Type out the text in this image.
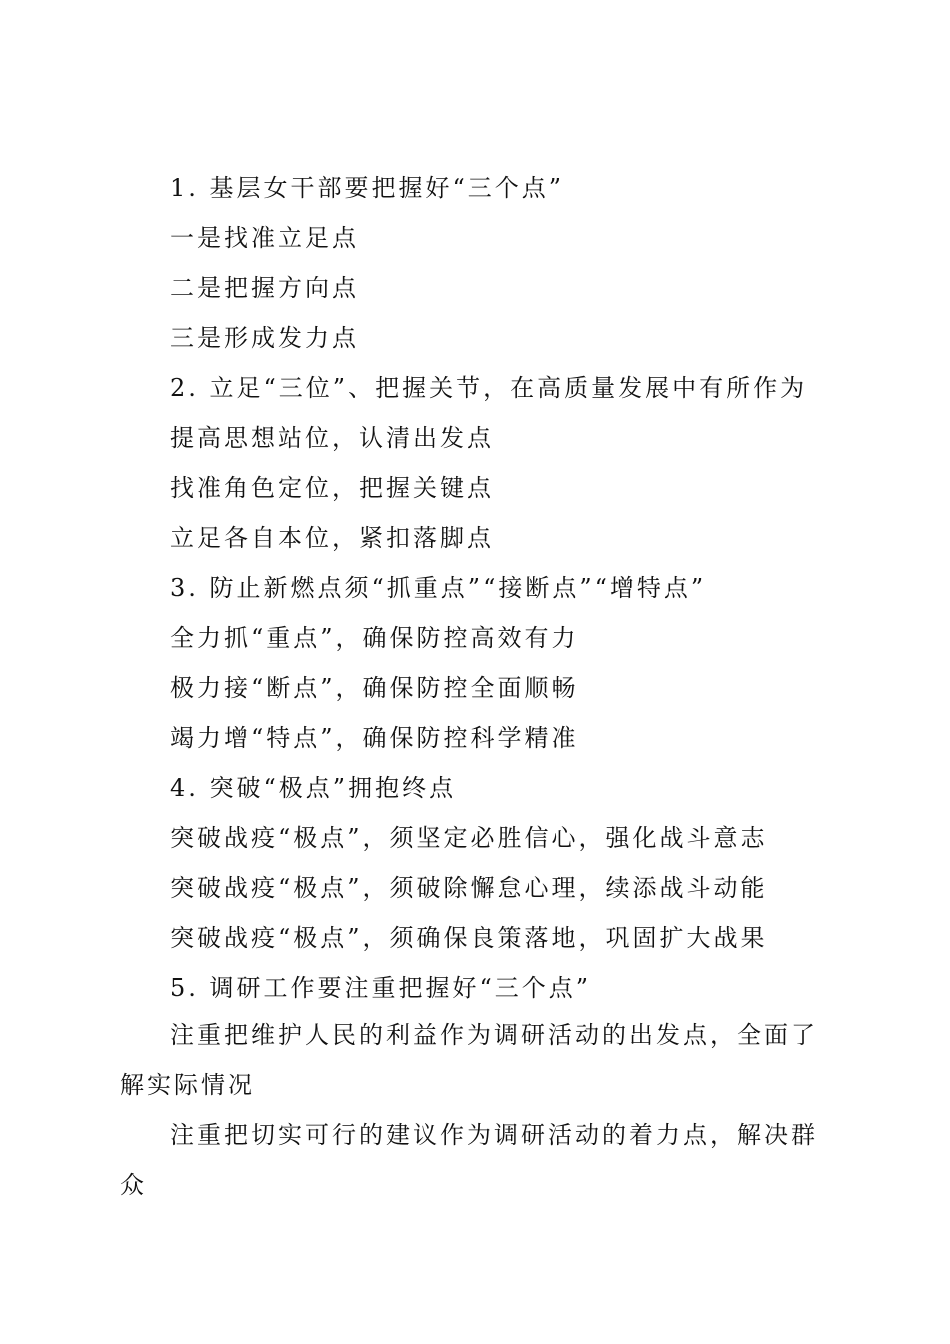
1. 基层女干部要把握好“三个点”
一是找准立足点
二是把握方向点
三是形成发力点
2. 立足“三位”、把握关节，在高质量发展中有所作为
提高思想站位，认清出发点
找准角色定位，把握关键点
立足各自本位，紧扣落脚点
3. 防止新燃点须“抓重点”“接断点”“增特点”
全力抓“重点”，确保防控高效有力
极力接“断点”，确保防控全面顺畅
竭力增“特点”，确保防控科学精准
4. 突破“极点”拥抱终点
突破战疫“极点”，须坚定必胜信心，强化战斗意志
突破战疫“极点”，须破除懈怠心理，续添战斗动能
突破战疫“极点”，须确保良策落地，巩固扩大战果
5. 调研工作要注重把握好“三个点”
注重把维护人民的利益作为调研活动的出发点，全面了解实际情况
注重把切实可行的建议作为调研活动的着力点，解决群众
